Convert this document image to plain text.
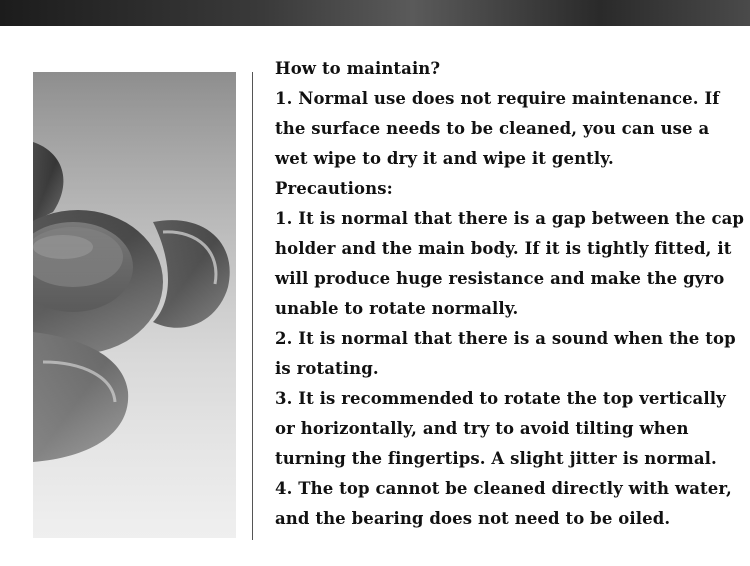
How to maintain?

1. Normal use does not require maintenance. If the surface needs to be cleaned, you can use a wet wipe to dry it and wipe it gently.

Precautions:

1. It is normal that there is a gap between the cap holder and the main body. If it is tightly fitted, it will produce huge resistance and make the gyro unable to rotate normally.

2. It is normal that there is a sound when the top is rotating.

3. It is recommended to rotate the top vertically or horizontally, and try to avoid tilting when turning the fingertips. A slight jitter is normal.

4. The top cannot be cleaned directly with water, and the bearing does not need to be oiled.
